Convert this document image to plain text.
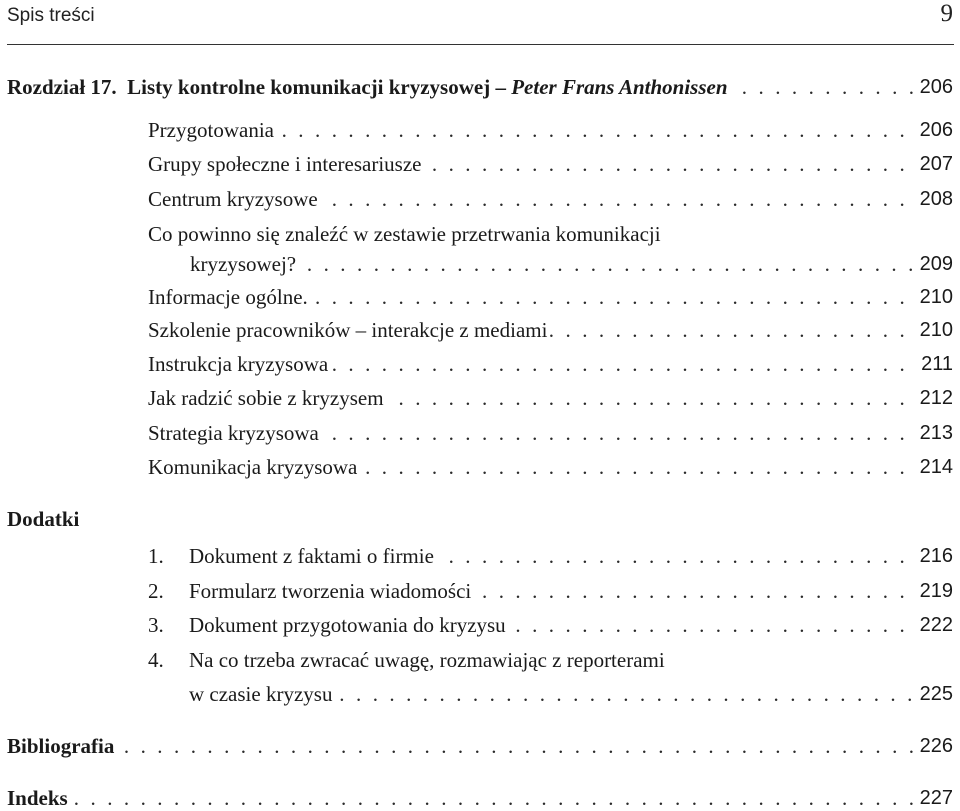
Spis treści	9
Rozdział 17. Listy kontrolne komunikacji kryzysowej – Peter Frans Anthonissen   . . .	206
Przygotowania  . . .	206
Grupy społeczne i interesariusze  . . .	207
Centrum kryzysowe  . . .	208
Co powinno się znaleźć w zestawie przetrwania komunikacji
kryzysowej?  . . .	209
Informacje ogólne.  . . .	210
Szkolenie pracowników – interakcje z mediami  . . .	210
Instrukcja kryzysowa  . . .	211
Jak radzić sobie z kryzysem  . . .	212
Strategia kryzysowa  . . .	213
Komunikacja kryzysowa  . . .	214
Dodatki
1. Dokument z faktami o firmie  . . .	216
2. Formularz tworzenia wiadomości  . . .	219
3. Dokument przygotowania do kryzysu  . . .	222
4. Na co trzeba zwracać uwagę, rozmawiając z reporterami
w czasie kryzysu  . . .	225
Bibliografia  . . .	226
Indeks  . . .	227
